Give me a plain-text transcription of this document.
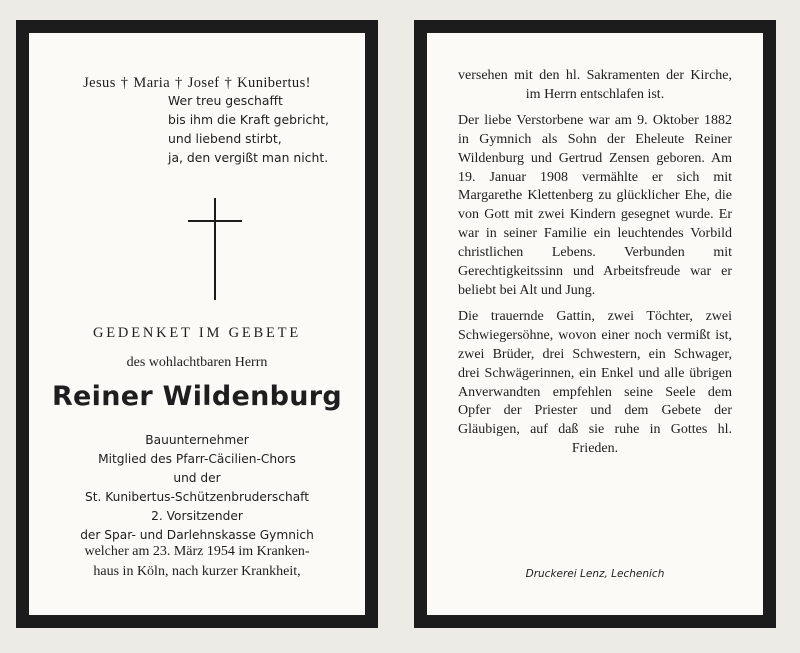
Jesus † Maria † Josef † Kunibertus!
Wer treu geschafft
bis ihm die Kraft gebricht,
und liebend stirbt,
ja, den vergißt man nicht.
GEDENKET IM GEBETE
des wohlachtbaren Herrn
Reiner Wildenburg
Bauunternehmer
Mitglied des Pfarr-Cäcilien-Chors
und der
St. Kunibertus-Schützenbruderschaft
2. Vorsitzender
der Spar- und Darlehnskasse Gymnich
welcher am 23. März 1954 im Kranken-
haus in Köln, nach kurzer Krankheit,

versehen mit den hl. Sakramenten der Kirche, im Herrn entschlafen ist.

Der liebe Verstorbene war am 9. Oktober 1882 in Gymnich als Sohn der Eheleute Reiner Wildenburg und Gertrud Zensen geboren. Am 19. Januar 1908 vermählte er sich mit Margarethe Klettenberg zu glücklicher Ehe, die von Gott mit zwei Kindern gesegnet wurde. Er war in seiner Familie ein leuchtendes Vorbild christlichen Lebens. Verbunden mit Gerechtigkeitssinn und Arbeitsfreude war er beliebt bei Alt und Jung.

Die trauernde Gattin, zwei Töchter, zwei Schwiegersöhne, wovon einer noch vermißt ist, zwei Brüder, drei Schwestern, ein Schwager, drei Schwägerinnen, ein Enkel und alle übrigen Anverwandten empfehlen seine Seele dem Opfer der Priester und dem Gebete der Gläubigen, auf daß sie ruhe in Gottes hl. Frieden.

Druckerei Lenz, Lechenich
